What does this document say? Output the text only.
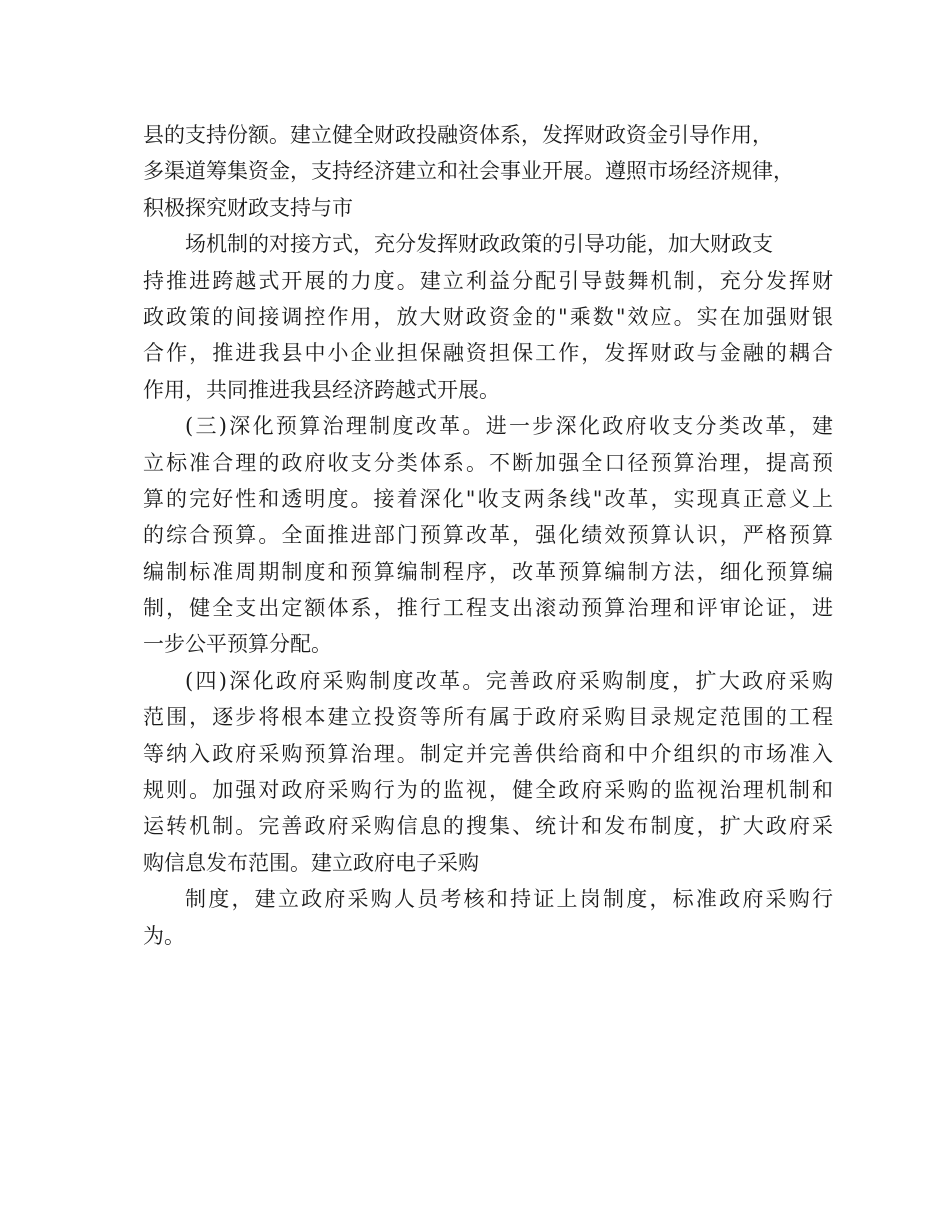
县的支持份额。建立健全财政投融资体系，发挥财政资金引导作用，
多渠道筹集资金，支持经济建立和社会事业开展。遵照市场经济规律，
积极探究财政支持与市
场机制的对接方式，充分发挥财政政策的引导功能，加大财政支
持推进跨越式开展的力度。建立利益分配引导鼓舞机制，充分发挥财
政政策的间接调控作用，放大财政资金的"乘数"效应。实在加强财银
合作，推进我县中小企业担保融资担保工作，发挥财政与金融的耦合
作用，共同推进我县经济跨越式开展。
(三)深化预算治理制度改革。进一步深化政府收支分类改革，建
立标准合理的政府收支分类体系。不断加强全口径预算治理，提高预
算的完好性和透明度。接着深化"收支两条线"改革，实现真正意义上
的综合预算。全面推进部门预算改革，强化绩效预算认识，严格预算
编制标准周期制度和预算编制程序，改革预算编制方法，细化预算编
制，健全支出定额体系，推行工程支出滚动预算治理和评审论证，进
一步公平预算分配。
(四)深化政府采购制度改革。完善政府采购制度，扩大政府采购
范围，逐步将根本建立投资等所有属于政府采购目录规定范围的工程
等纳入政府采购预算治理。制定并完善供给商和中介组织的市场准入
规则。加强对政府采购行为的监视，健全政府采购的监视治理机制和
运转机制。完善政府采购信息的搜集、统计和发布制度，扩大政府采
购信息发布范围。建立政府电子采购
制度，建立政府采购人员考核和持证上岗制度，标准政府采购行
为。
